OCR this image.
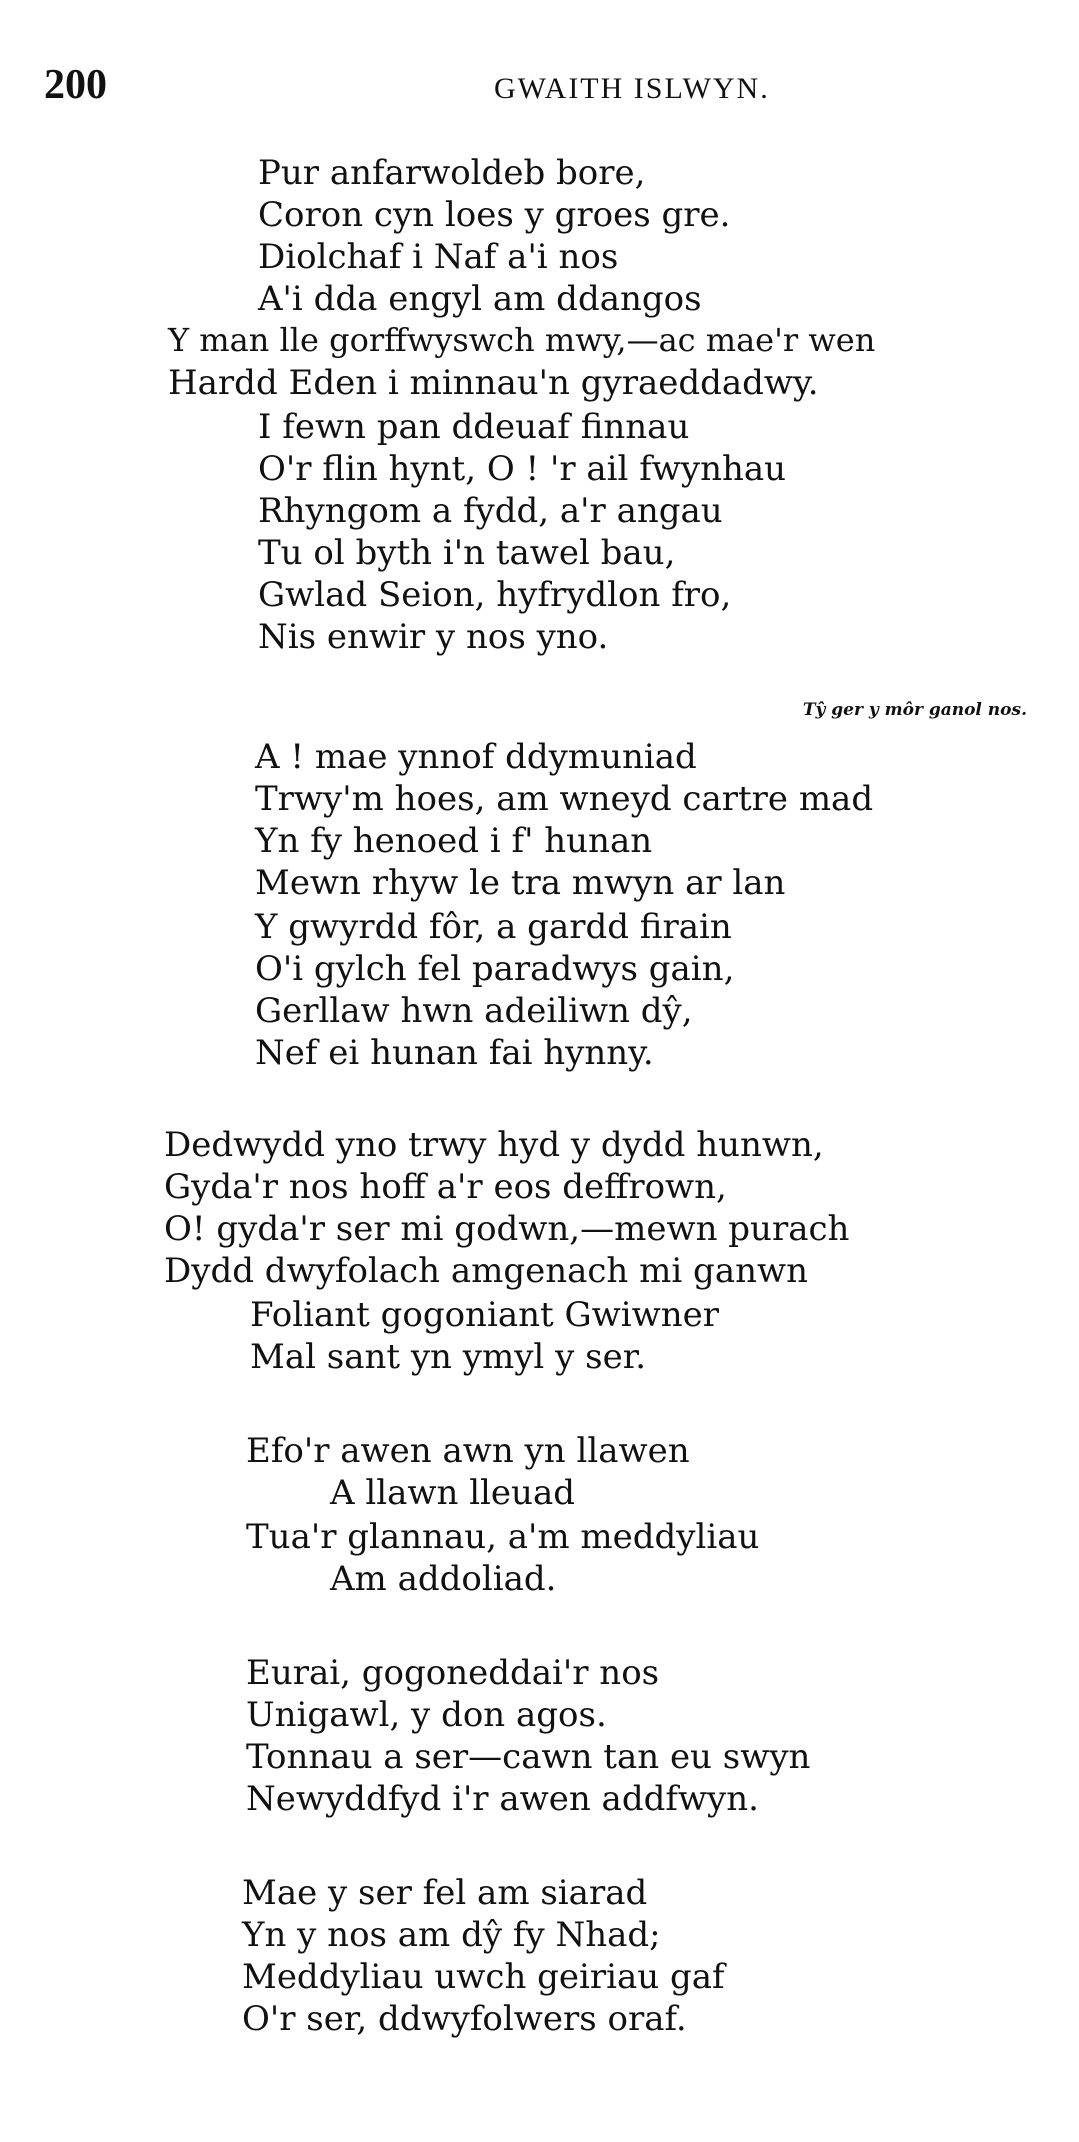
200	GWAITH ISLWYN.
Pur anfarwoldeb bore,
Coron cyn loes y groes gre.
Diolchaf i Naf a'i nos
A'i dda engyl am ddangos
Y man lle gorffwyswch mwy,—ac mae'r wen
Hardd Eden i minnau'n gyraeddadwy.
I fewn pan ddeuaf finnau
O'r flin hynt, O ! 'r ail fwynhau
Rhyngom a fydd, a'r angau
Tu ol byth i'n tawel bau,
Gwlad Seion, hyfrydlon fro,
Nis enwir y nos yno.
Tŷ ger y môr ganol nos.
A ! mae ynnof ddymuniad
Trwy'm hoes, am wneyd cartre mad
Yn fy henoed i f' hunan
Mewn rhyw le tra mwyn ar lan
Y gwyrdd fôr, a gardd firain
O'i gylch fel paradwys gain,
Gerllaw hwn adeiliwn dŷ,
Nef ei hunan fai hynny.
Dedwydd yno trwy hyd y dydd hunwn,
Gyda'r nos hoff a'r eos deffrown,
O! gyda'r ser mi godwn,—mewn purach
Dydd dwyfolach amgenach mi ganwn
Foliant gogoniant Gwiwner
Mal sant yn ymyl y ser.
Efo'r awen awn yn llawen
A llawn lleuad
Tua'r glannau, a'm meddyliau
Am addoliad.
Eurai, gogoneddai'r nos
Unigawl, y don agos.
Tonnau a ser—cawn tan eu swyn
Newyddfyd i'r awen addfwyn.
Mae y ser fel am siarad
Yn y nos am dŷ fy Nhad;
Meddyliau uwch geiriau gaf
O'r ser, ddwyfolwers oraf.
